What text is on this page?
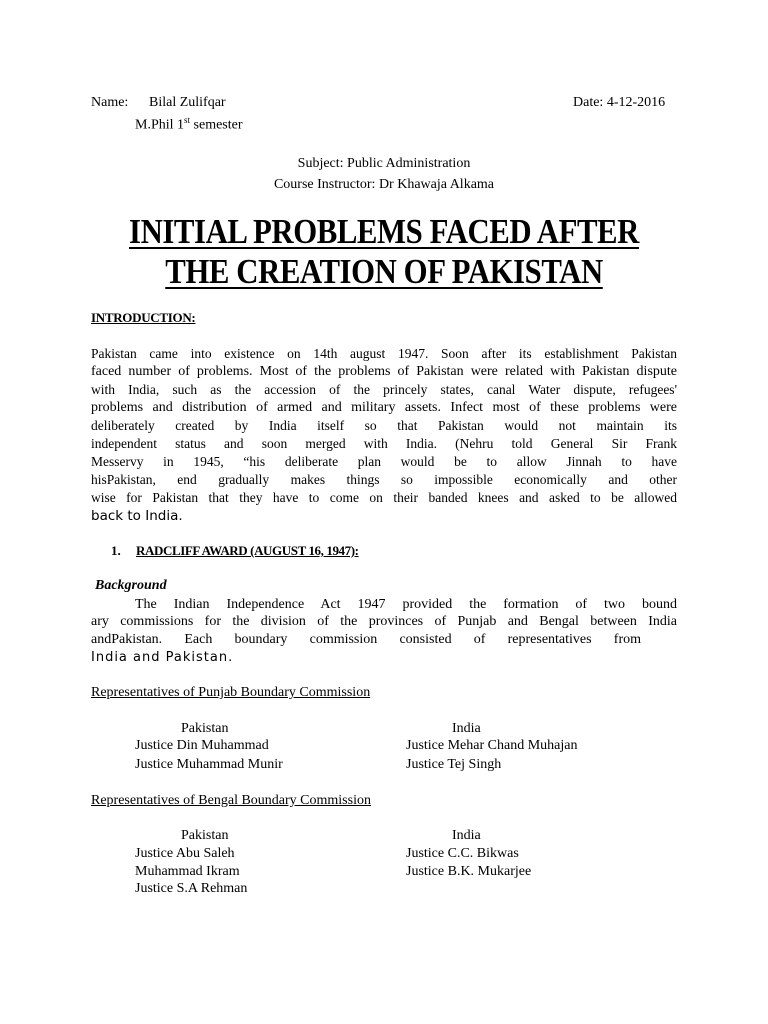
Name: Bilal Zulifqar
M.Phil 1st semester
Date: 4-12-2016
Subject: Public Administration
Course Instructor: Dr Khawaja Alkama
INITIAL PROBLEMS FACED AFTER
THE CREATION OF PAKISTAN
INTRODUCTION:
Pakistan came into existence on 14th august 1947. Soon after its establishment Pakistan
faced number of problems. Most of the problems of Pakistan were related with Pakistan dispute
with India, such as the accession of the princely states, canal Water dispute, refugees'
problems and distribution of armed and military assets. Infect most of these problems were
deliberately created by India itself so that Pakistan would not maintain its
independent status and soon merged with India. (Nehru told General Sir Frank
Messervy in 1945, “his deliberate plan would be to allow Jinnah to have
hisPakistan, end gradually makes things so impossible economically and other
wise for Pakistan that they have to come on their banded knees and asked to be allowed
back to India.
1. RADCLIFF AWARD (AUGUST 16, 1947):
Background
The Indian Independence Act 1947 provided the formation of two bound
ary commissions for the division of the provinces of Punjab and Bengal between India
andPakistan. Each boundary commission consisted of representatives from
India and Pakistan.
Representatives of Punjab Boundary Commission
Pakistan	India
Justice Din Muhammad
Justice Muhammad Munir
Justice Mehar Chand Muhajan
Justice Tej Singh
Representatives of Bengal Boundary Commission
Pakistan	India
Justice Abu Saleh
Muhammad Ikram
Justice S.A Rehman
Justice C.C. Bikwas
Justice B.K. Mukarjee
